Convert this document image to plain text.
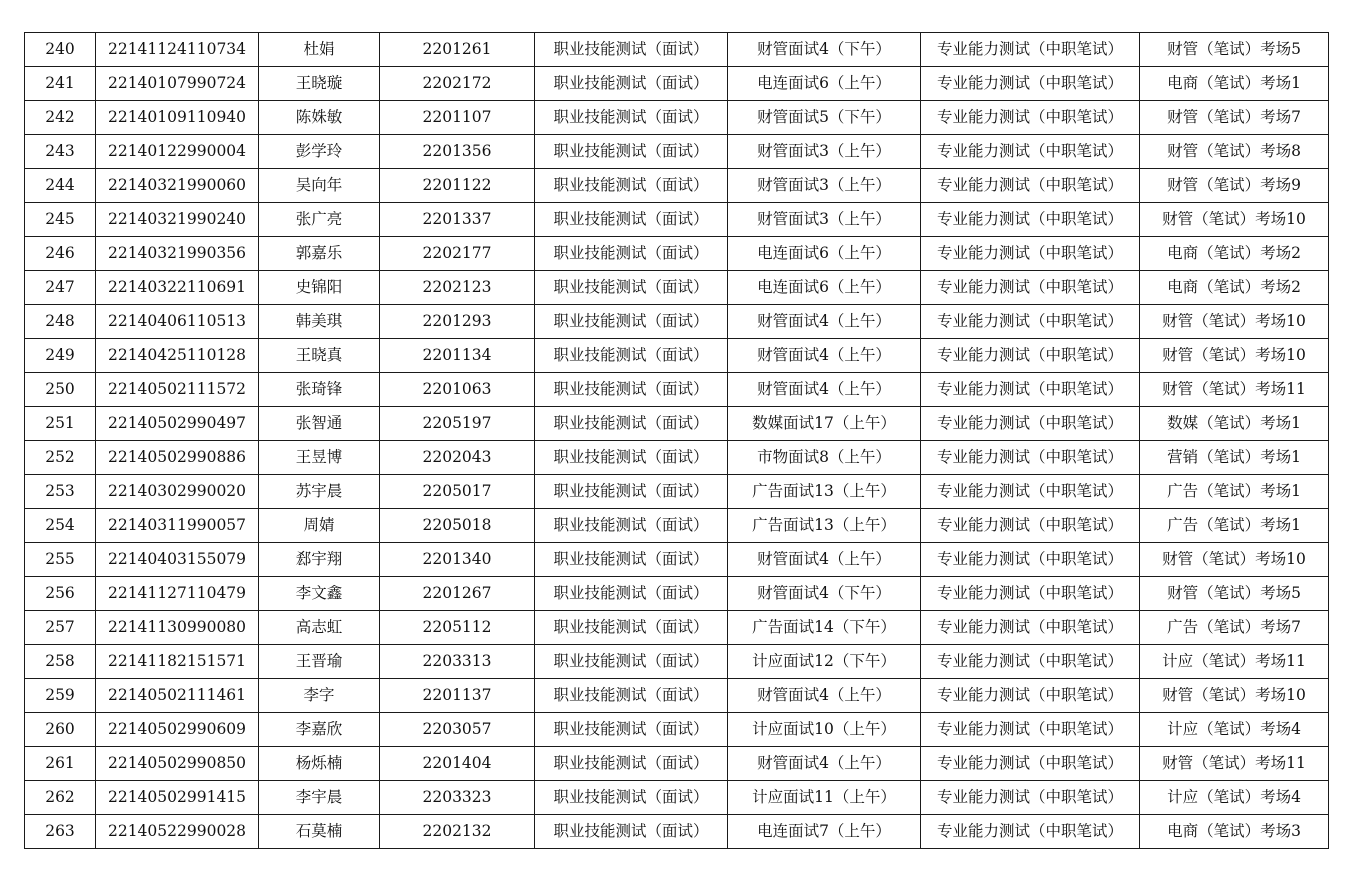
240	22141124110734	杜娟	2201261	职业技能测试（面试）	财管面试4（下午）	专业能力测试（中职笔试）	财管（笔试）考场5
241	22140107990724	王晓璇	2202172	职业技能测试（面试）	电连面试6（上午）	专业能力测试（中职笔试）	电商（笔试）考场1
242	22140109110940	陈姝敏	2201107	职业技能测试（面试）	财管面试5（下午）	专业能力测试（中职笔试）	财管（笔试）考场7
243	22140122990004	彭学玲	2201356	职业技能测试（面试）	财管面试3（上午）	专业能力测试（中职笔试）	财管（笔试）考场8
244	22140321990060	吴向年	2201122	职业技能测试（面试）	财管面试3（上午）	专业能力测试（中职笔试）	财管（笔试）考场9
245	22140321990240	张广亮	2201337	职业技能测试（面试）	财管面试3（上午）	专业能力测试（中职笔试）	财管（笔试）考场10
246	22140321990356	郭嘉乐	2202177	职业技能测试（面试）	电连面试6（上午）	专业能力测试（中职笔试）	电商（笔试）考场2
247	22140322110691	史锦阳	2202123	职业技能测试（面试）	电连面试6（上午）	专业能力测试（中职笔试）	电商（笔试）考场2
248	22140406110513	韩美琪	2201293	职业技能测试（面试）	财管面试4（上午）	专业能力测试（中职笔试）	财管（笔试）考场10
249	22140425110128	王晓真	2201134	职业技能测试（面试）	财管面试4（上午）	专业能力测试（中职笔试）	财管（笔试）考场10
250	22140502111572	张琦锋	2201063	职业技能测试（面试）	财管面试4（上午）	专业能力测试（中职笔试）	财管（笔试）考场11
251	22140502990497	张智通	2205197	职业技能测试（面试）	数媒面试17（上午）	专业能力测试（中职笔试）	数媒（笔试）考场1
252	22140502990886	王昱博	2202043	职业技能测试（面试）	市物面试8（上午）	专业能力测试（中职笔试）	营销（笔试）考场1
253	22140302990020	苏宇晨	2205017	职业技能测试（面试）	广告面试13（上午）	专业能力测试（中职笔试）	广告（笔试）考场1
254	22140311990057	周婧	2205018	职业技能测试（面试）	广告面试13（上午）	专业能力测试（中职笔试）	广告（笔试）考场1
255	22140403155079	郄宇翔	2201340	职业技能测试（面试）	财管面试4（上午）	专业能力测试（中职笔试）	财管（笔试）考场10
256	22141127110479	李文鑫	2201267	职业技能测试（面试）	财管面试4（下午）	专业能力测试（中职笔试）	财管（笔试）考场5
257	22141130990080	高志虹	2205112	职业技能测试（面试）	广告面试14（下午）	专业能力测试（中职笔试）	广告（笔试）考场7
258	22141182151571	王晋瑜	2203313	职业技能测试（面试）	计应面试12（下午）	专业能力测试（中职笔试）	计应（笔试）考场11
259	22140502111461	李字	2201137	职业技能测试（面试）	财管面试4（上午）	专业能力测试（中职笔试）	财管（笔试）考场10
260	22140502990609	李嘉欣	2203057	职业技能测试（面试）	计应面试10（上午）	专业能力测试（中职笔试）	计应（笔试）考场4
261	22140502990850	杨烁楠	2201404	职业技能测试（面试）	财管面试4（上午）	专业能力测试（中职笔试）	财管（笔试）考场11
262	22140502991415	李宇晨	2203323	职业技能测试（面试）	计应面试11（上午）	专业能力测试（中职笔试）	计应（笔试）考场4
263	22140522990028	石莫楠	2202132	职业技能测试（面试）	电连面试7（上午）	专业能力测试（中职笔试）	电商（笔试）考场3
